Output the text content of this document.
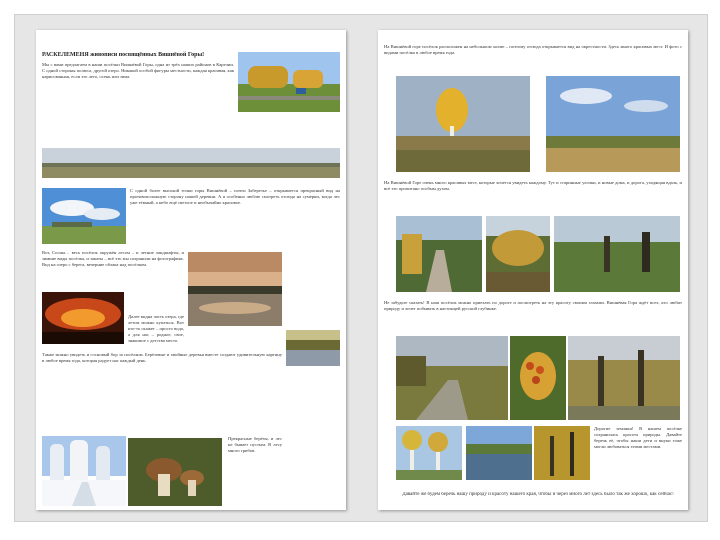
РАСКЕЛЕМЕНЯ живописи посвящённых Вишнёвой Горы!
Мы с вами предлагаем в наши посёлки Вишнёвой Горы, одна из трёх наших районов в Карелии. С одной стороны полюса, другой озеро. Никакой особой фигуры местности, каждая красивая, как нарисованная, если это лето, осень или зима.
С одной более высокой точки горы Вишнёвой – почти Заберезье – открывается прекрасный вид на противоположную сторону нашей деревни. А я особенно люблю смотреть отсюда на сумерки, когда лес уже тёмный, а небо ещё светлое и необычайно красивое.
Вот, Сосны… весь посёлок окружён лесом – и летние ландшафты, и зимние виды посёлка, и закаты – всё это мы сохранили на фотографиях. Вид на озеро с берега, вечерние облака над посёлком.
Далее видна часть озера, где летом можно купаться. Вот кто-то скажет – просто вода, а для нас – родное, свое, знакомое с детства место.
Также можно увидеть и сосновый бор за посёлком. Берёзовые и хвойные деревья вместе создают удивительную картину в любое время года, которая радует нас каждый день.
Прекрасные берёзы, и лес не бывает пустым. В лесу много грибов.
На Вишнёвой горе посёлок расположен на небольшом холме – поэтому отсюда открывается вид на окрестности. Здесь много красивых мест. И фото с видами посёлка в любое время года.
На Вишнёвой Горе очень много красивых мест, которые хочется увидеть каждому. Тут и старинные улочки, и новые дома, и дорога, уходящая вдаль, и всё это пропитано особым духом.
Не забудьте сказать! В наш посёлок можно приехать по дороге и посмотреть на эту красоту своими глазами. Вишнёвая Гора ждёт всех, кто любит природу и хочет побывать в настоящей русской глубинке.
Дорогие земляки! В нашем посёлке сохранилась красота природы. Давайте беречь её, чтобы наши дети и внуки тоже могли любоваться этими местами.
Давайте же будем беречь нашу природу и красоту нашего края, чтобы и через много лет здесь было так же хорошо, как сейчас!
